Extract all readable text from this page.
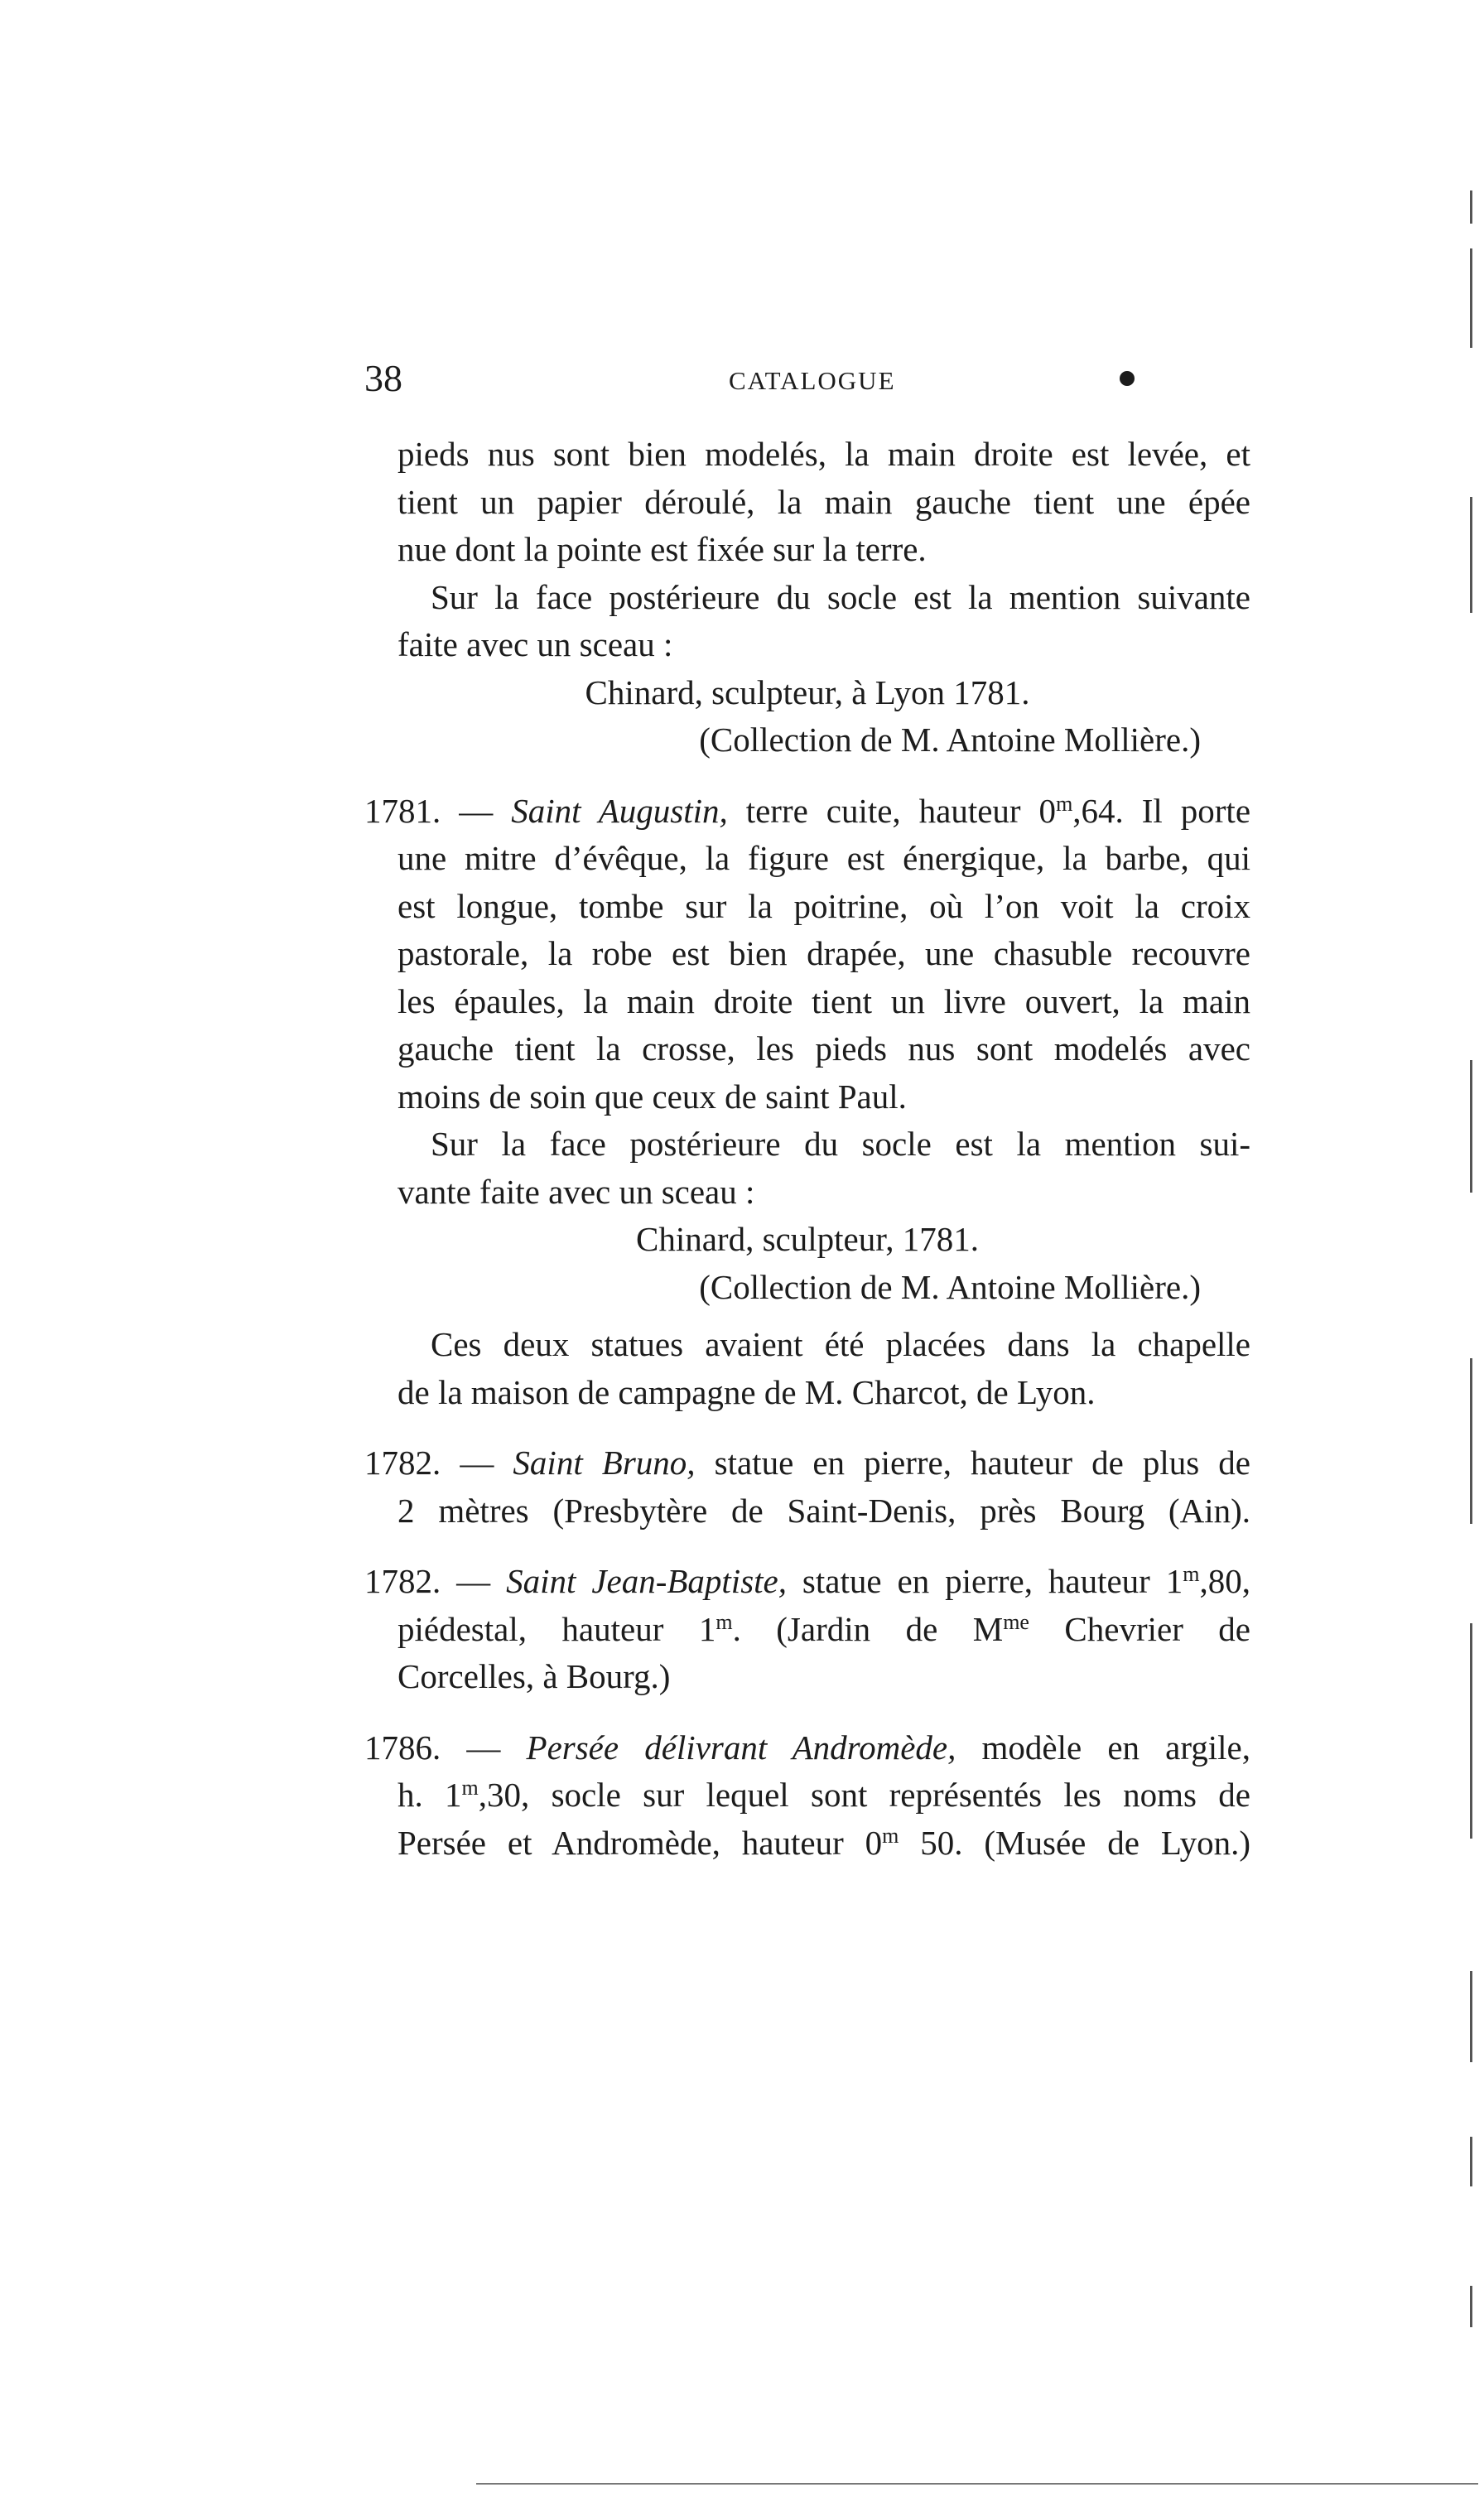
38	CATALOGUE

pieds nus sont bien modelés, la main droite est levée, et

tient un papier déroulé, la main gauche tient une épée

nue dont la pointe est fixée sur la terre.

Sur la face postérieure du socle est la mention suivante

faite avec un sceau :

Chinard, sculpteur, à Lyon 1781.

(Collection de M. Antoine Mollière.)

1781. — Saint Augustin, terre cuite, hauteur 0$^m$,64. Il porte

une mitre d’évêque, la figure est énergique, la barbe, qui

est longue, tombe sur la poitrine, où l’on voit la croix

pastorale, la robe est bien drapée, une chasuble recouvre

les épaules, la main droite tient un livre ouvert, la main

gauche tient la crosse, les pieds nus sont modelés avec

moins de soin que ceux de saint Paul.

Sur la face postérieure du socle est la mention sui-

vante faite avec un sceau :

Chinard, sculpteur, 1781.

(Collection de M. Antoine Mollière.)

Ces deux statues avaient été placées dans la chapelle

de la maison de campagne de M. Charcot, de Lyon.

1782. — Saint Bruno, statue en pierre, hauteur de plus de

2 mètres (Presbytère de Saint-Denis, près Bourg (Ain).

1782. — Saint Jean-Baptiste, statue en pierre, hauteur 1$^m$,80,

piédestal, hauteur 1$^m$. (Jardin de $M^{me}$ Chevrier de

Corcelles, à Bourg.)

1786. — Persée délivrant Andromède, modèle en argile,

h. 1$^m$,30, socle sur lequel sont représentés les noms de

Persée et Andromède, hauteur 0$^m$ 50. (Musée de Lyon.)
